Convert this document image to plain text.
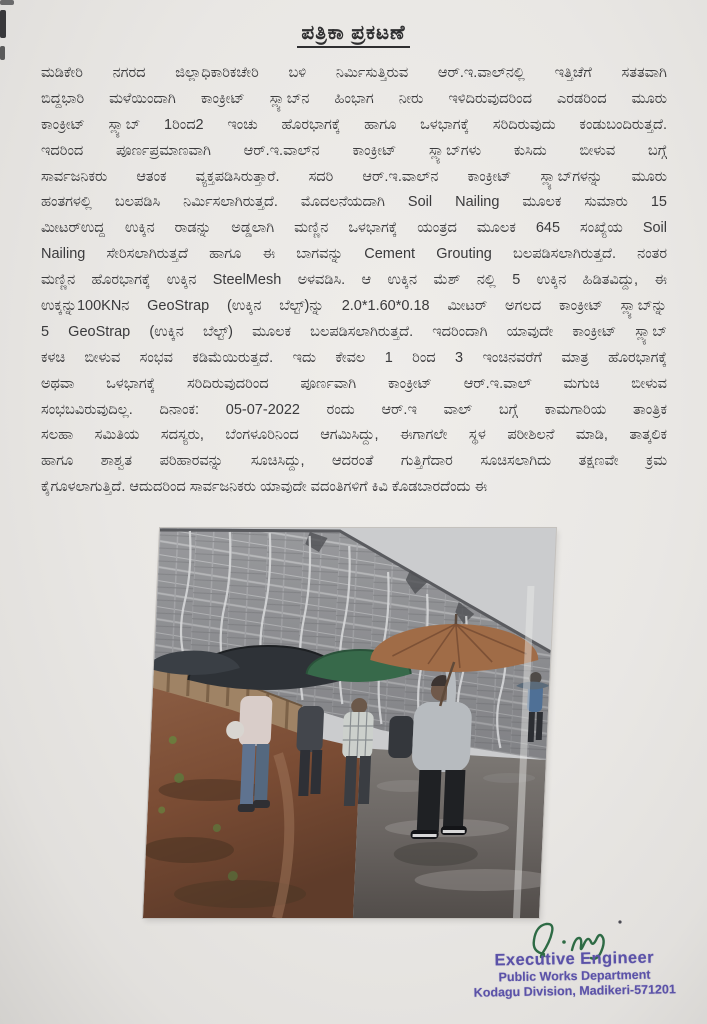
ಪತ್ರಿಕಾ ಪ್ರಕಟಣೆ
ಮಡಿಕೇರಿ ನಗರದ ಜಿಲ್ಲಾಧಿಕಾರಿಕಚೇರಿ ಬಳಿ ನಿರ್ಮಿಸುತ್ತಿರುವ ಆರ್.ಇ.ವಾಲ್‌ನಲ್ಲಿ ಇತ್ತಿಚೆಗೆ ಸತತವಾಗಿ
ಬಿದ್ದಭಾರಿ ಮಳೆಯಿಂದಾಗಿ ಕಾಂಕ್ರೀಟ್ ಸ್ಲ್ಯಾಬ್‌ನ ಹಿಂಭಾಗ ನೀರು ಇಳಿದಿರುವುದರಿಂದ ಎರಡರಿಂದ ಮೂರು
ಕಾಂಕ್ರೀಟ್ ಸ್ಲ್ಯಾಬ್ 1ರಿಂದ2 ಇಂಚು ಹೊರಭಾಗಕ್ಕೆ ಹಾಗೂ ಒಳಭಾಗಕ್ಕೆ ಸರಿದಿರುವುದು ಕಂಡುಬಂದಿರುತ್ತದೆ.
ಇದರಿಂದ ಪೂರ್ಣಪ್ರಮಾಣವಾಗಿ ಆರ್.ಇ.ವಾಲ್‌ನ ಕಾಂಕ್ರೀಟ್ ಸ್ಲ್ಯಾಬ್‌ಗಳು ಕುಸಿದು ಬೀಳುವ ಬಗ್ಗೆ
ಸಾರ್ವಜನಿಕರು ಆತಂಕ ವ್ಯಕ್ತಪಡಿಸಿರುತ್ತಾರೆ. ಸದರಿ ಆರ್.ಇ.ವಾಲ್‌ನ ಕಾಂಕ್ರೀಟ್ ಸ್ಲ್ಯಾಬ್‌ಗಳನ್ನು ಮೂರು
ಹಂತಗಳಲ್ಲಿ ಬಲಪಡಿಸಿ ನಿರ್ಮಿಸಲಾಗಿರುತ್ತದೆ. ಮೊದಲನೆಯದಾಗಿ Soil Nailing ಮೂಲಕ ಸುಮಾರು 15
ಮೀಟರ್‌ಉದ್ದ ಉಕ್ಕಿನ ರಾಡನ್ನು ಅಡ್ಡಲಾಗಿ ಮಣ್ಣಿನ ಒಳಭಾಗಕ್ಕೆ ಯಂತ್ರದ ಮೂಲಕ 645 ಸಂಖ್ಯೆಯ Soil
Nailing ಸೇರಿಸಲಾಗಿರುತ್ತದೆ ಹಾಗೂ ಈ ಬಾಗವನ್ನು Cement Grouting ಬಲಪಡಿಸಲಾಗಿರುತ್ತದೆ. ನಂತರ
ಮಣ್ಣಿನ ಹೊರಭಾಗಕ್ಕೆ ಉಕ್ಕಿನ SteelMesh ಅಳವಡಿಸಿ. ಆ ಉಕ್ಕಿನ ಮೆಶ್ ನಲ್ಲಿ 5 ಉಕ್ಕಿನ ಹಿಡಿತವಿದ್ದು, ಈ
ಉಕ್ಕನ್ನು100KNನ GeoStrap (ಉಕ್ಕಿನ ಬೆಲ್ಟ್)ನ್ನು 2.0*1.60*0.18 ಮೀಟರ್ ಅಗಲದ ಕಾಂಕ್ರೀಟ್ ಸ್ಲ್ಯಾಬ್‌ನ್ನು
5 GeoStrap (ಉಕ್ಕಿನ ಬೆಲ್ಟ್) ಮೂಲಕ ಬಲಪಡಿಸಲಾಗಿರುತ್ತದೆ. ಇದರಿಂದಾಗಿ ಯಾವುದೇ ಕಾಂಕ್ರೀಟ್ ಸ್ಲ್ಯಾಬ್
ಕಳಚಿ ಬೀಳುವ ಸಂಭವ ಕಡಿಮೆಯಿರುತ್ತದೆ. ಇದು ಕೇವಲ 1 ರಿಂದ 3 ಇಂಚಿನವರೆಗೆ ಮಾತ್ರ ಹೊರಭಾಗಕ್ಕೆ
ಅಥವಾ ಒಳಭಾಗಕ್ಕೆ ಸರಿದಿರುವುದರಿಂದ ಪೂರ್ಣವಾಗಿ ಕಾಂಕ್ರೀಟ್ ಆರ್.ಇ.ವಾಲ್ ಮಗುಚಿ ಬೀಳುವ
ಸಂಭಬವಿರುವುದಿಲ್ಲ. ದಿನಾಂಕ: 05-07-2022 ರಂದು ಆರ್.ಇ ವಾಲ್ ಬಗ್ಗೆ ಕಾಮಗಾರಿಯ ತಾಂತ್ರಿಕ
ಸಲಹಾ ಸಮಿತಿಯ ಸದಸ್ಯರು, ಬೆಂಗಳೂರಿನಿಂದ ಆಗಮಿಸಿದ್ದು, ಈಗಾಗಲೇ ಸ್ಥಳ ಪರೀಶಿಲನೆ ಮಾಡಿ, ತಾತ್ಕಲಿಕ
ಹಾಗೂ ಶಾಶ್ವತ ಪರಿಹಾರವನ್ನು ಸೂಚಿಸಿದ್ದು, ಆದರಂತೆ ಗುತ್ತಿಗೆದಾರ ಸೂಚಿಸಲಾಗಿದು ತಕ್ಷಣವೇ ಕ್ರಮ
ಕೈಗೂಳಲಾಗುತ್ತಿದೆ. ಆದುದರಿಂದ ಸಾರ್ವಜನಿಕರು ಯಾವುದೇ ವದಂತಿಗಳಿಗೆ ಕಿವಿ ಕೊಡಬಾರದೆಂದು ಈ
Executive Engineer
Public Works Department
Kodagu Division, Madikeri-571201
